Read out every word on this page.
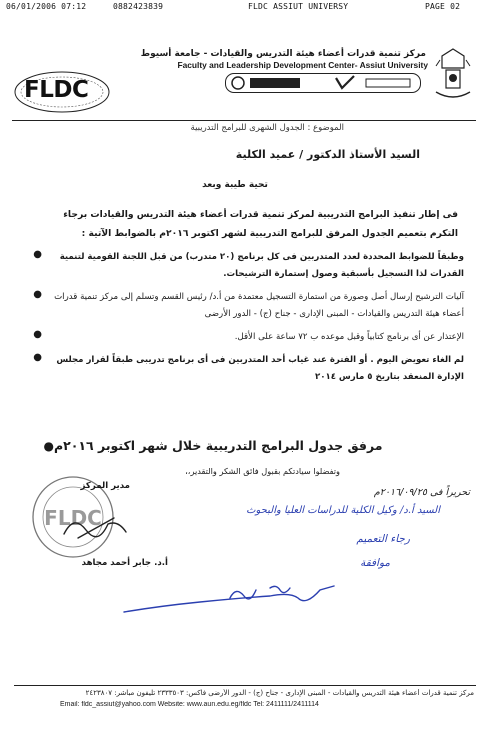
06/01/2006 07:12	0882423839	FLDC ASSIUT UNIVERSY	PAGE 02
FLDC
مركز تنمية قدرات أعضاء هيئة التدريس والقيادات - جامعة أسيوط
Faculty and Leadership Development Center- Assiut University
الموضوع : الجدول الشهرى للبرامج التدريبية
السيد الأستاذ الدكتور / عميد الكلية
تحية طيبة وبعد
فى إطار تنفيذ البرامج التدريبية لمركز تنمية قدرات أعضاء هيئة التدريس والقيادات برجاء التكرم بتعميم الجدول المرفق للبرامج التدريبية لشهر اكتوبر ٢٠١٦م بالضوابط الآتية :
●	وطبقاً للضوابط المحددة لعدد المتدربين فى كل برنامج (٢٠ متدرب) من قبل اللجنة القومية لتنمية القدرات لذا التسجيل بأسبقية وصول إستمارة الترشيحات.
●	آليات الترشيح إرسال أصل وصورة من استمارة التسجيل معتمدة من أ.د/ رئيس القسم وتسلم إلى مركز تنمية قدرات أعضاء هيئة التدريس والقيادات - المبنى الإدارى - جناح (ج) - الدور الأرضى
●	الإعتذار عن أى برنامج كتابياً وقبل موعده ب ٧٢ ساعة على الأقل.
●	لم الغاء تعويض اليوم . أو الفترة عند غياب أحد المتدربين فى أى برنامج تدريبى طبقاً لقرار مجلس الإدارة المنعقد بتاريخ ٥ مارس ٢٠١٤
● مرفق جدول البرامج التدريبية خلال شهر اكتوبر ٢٠١٦م
وتفضلوا سيادتكم بقبول فائق الشكر والتقدير،،
FLDC
مدير المركز
أ.د. جابر أحمد مجاهد
تحريراً فى ٢٠١٦/٠٩/٢٥م
السيد أ.د/ وكيل الكلية للدراسات العليا والبحوث
رجاء التعميم
موافقة
مركز تنمية قدرات أعضاء هيئة التدريس والقيادات - المبنى الإدارى - جناح (ج) - الدور الأرضى فاكس: ٢٣٣٣٥٠٣ تليفون مباشر: ٢٤٢٣٨٠٧
Email: fldc_assiut@yahoo.com Website: www.aun.edu.eg/fldc Tel: 2411111/2411114
